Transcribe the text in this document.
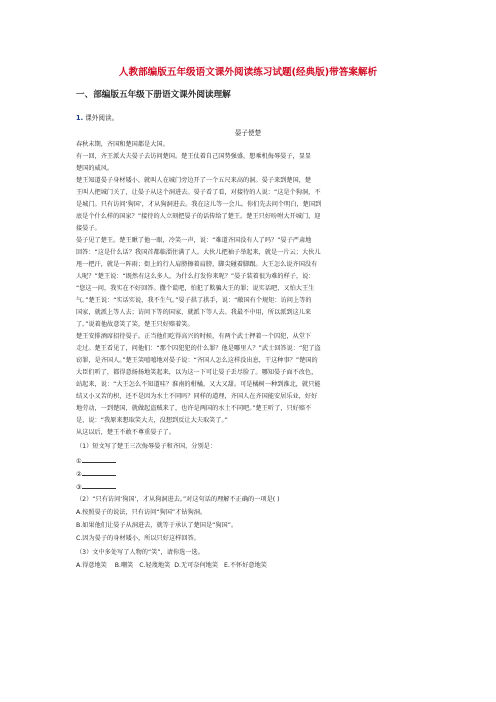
人教部编版五年级语文课外阅读练习试题(经典版)带答案解析
一、部编版五年级下册语文课外阅读理解
1. 课外阅读。
晏子使楚
春秋末期，齐国和楚国都是大国。
有一回，齐王派大夫晏子去访问楚国。楚王仗着自己国势强盛，想乘机侮辱晏子，显显
楚国的威风。
楚王知道晏子身材矮小，就叫人在城门旁边开了一个五尺来高的洞。晏子来到楚国，楚
王叫人把城门关了，让晏子从这个洞进去。晏子看了看，对接待的人说：“这是个狗洞，不
是城门。只有访问‘狗国’，才从狗洞进去。我在这儿等一会儿。你们先去问个明白，楚国到
底是个什么样的国家？”接待的人立刻把晏子的话传给了楚王。楚王只好吩咐大开城门，迎
接晏子。
晏子见了楚王。楚王瞅了他一眼，冷笑一声，说：“难道齐国没有人了吗？”晏子严肃地
回答：“这是什么话？我国首都临淄住满了人。大伙儿把袖子举起来，就是一片云；大伙儿
甩一把汗，就是一阵雨；街上的行人肩膀擦着肩膀，脚尖碰着脚跟。大王怎么说齐国没有
人呢？”楚王说：“既然有这么多人，为什么打发你来呢？”晏子装着很为难的样子，说：
“您这一问，我实在不好回答。撒个谎吧，怕犯了欺骗大王的罪；说实话吧，又怕大王生
气。”楚王说：“实话实说，我不生气。”晏子拱了拱手，说：“敝国有个规矩：访问上等的
国家，就派上等人去；访问下等的国家，就派下等人去。我最不中用，所以派到这儿来
了。”说着他故意笑了笑，楚王只好赔着笑。
楚王安排酒席招待晏子。正当他们吃得高兴的时候，有两个武士押着一个囚犯，从堂下
走过。楚王看见了，问他们：“那个囚犯犯的什么罪？他是哪里人？”武士回答说：“犯了盗
窃罪，是齐国人。”楚王笑嘻嘻地对晏子说：“齐国人怎么这样没出息，干这种事？”楚国的
大臣们听了，都得意扬扬地笑起来，以为这一下可让晏子丢尽脸了。哪知晏子面不改色，
站起来，说：“大王怎么不知道哇？淮南的柑橘，又大又甜。可是橘树一种到淮北，就只能
结又小又苦的枳，还不是因为水土不同吗？同样的道理，齐国人在齐国能安居乐业，好好
地劳动，一到楚国，就做起盗贼来了，也许是两国的水土不同吧。”楚王听了，只好赔不
是，说：“我原来想取笑大夫，没想到反让大夫取笑了。”
从这以后，楚王不敢不尊重晏子了。
（1）短文写了楚王三次侮辱晏子和齐国，分别是：
①
②
③
（2）“只有访问‘狗国’，才从狗洞进去。”对这句话的理解不正确的一项是( )
A.按照晏子的说法，只有访问“狗国”才钻狗洞。
B.如果他们让晏子从洞进去，就等于承认了楚国是“狗国”。
C.因为晏子的身材矮小，所以只好这样回答。
（3）文中多处写了人物的“笑”，请你选一选。
A.得意地笑 B.嘲笑 C.轻蔑地笑 D.无可奈何地笑 E.不怀好意地笑
